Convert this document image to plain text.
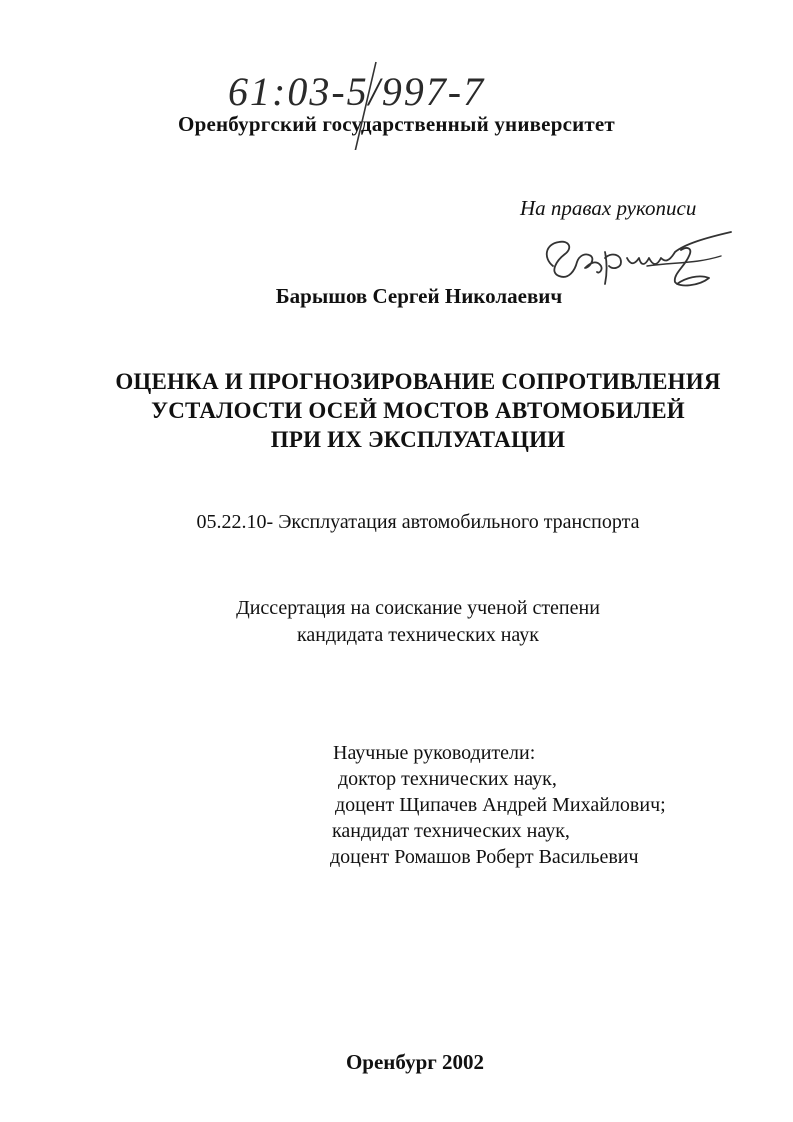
61:03-5/997-7
Оренбургский государственный университет
На правах рукописи
Барышов Сергей Николаевич
ОЦЕНКА И ПРОГНОЗИРОВАНИЕ СОПРОТИВЛЕНИЯ
УСТАЛОСТИ ОСЕЙ МОСТОВ АВТОМОБИЛЕЙ
ПРИ ИХ ЭКСПЛУАТАЦИИ
05.22.10- Эксплуатация автомобильного транспорта
Диссертация на соискание ученой степени
кандидата технических наук
Научные руководители:
доктор технических наук,
доцент Щипачев Андрей Михайлович;
кандидат технических наук,
доцент Ромашов Роберт Васильевич
Оренбург 2002
